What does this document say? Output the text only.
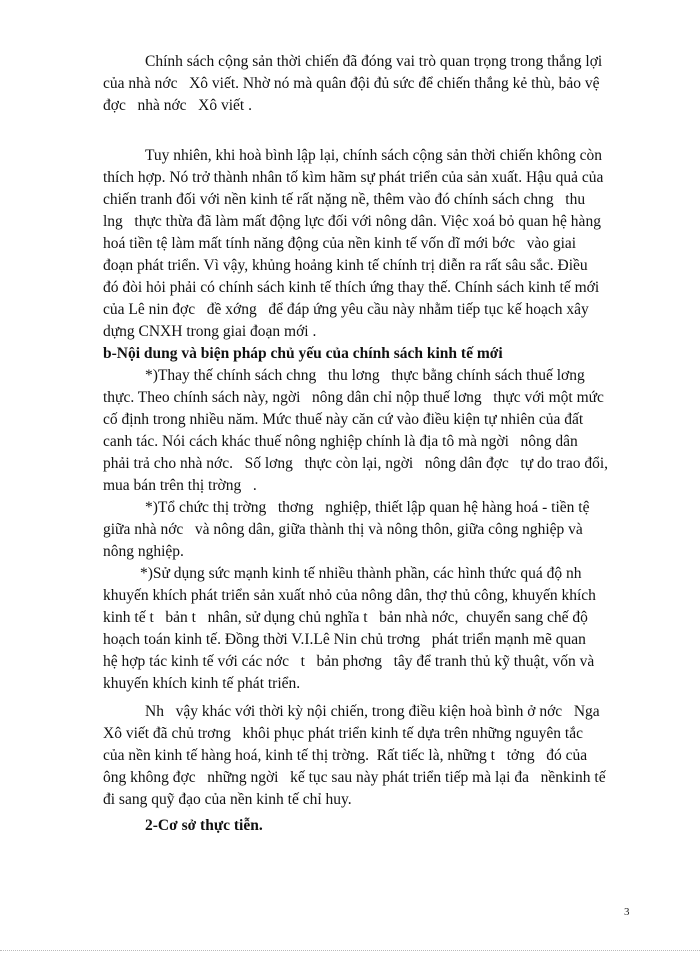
Chính sách cộng sản thời chiến đã đóng vai trò quan trọng trong thắng lợi

của nhà nớc   Xô viết. Nhờ nó mà quân đội đủ sức để chiến thắng kẻ thù, bảo vệ

đợc   nhà nớc   Xô viết .

Tuy nhiên, khi hoà bình lập lại, chính sách cộng sản thời chiến không còn

thích hợp. Nó trở thành nhân tố kìm hãm sự phát triển của sản xuất. Hậu quả của

chiến tranh đối với nền kinh tế rất nặng nề, thêm vào đó chính sách chng   thu

lng   thực thừa đã làm mất động lực đối với nông dân. Việc xoá bỏ quan hệ hàng

hoá tiền tệ làm mất tính năng động của nền kinh tế vốn dĩ mới bớc   vào giai

đoạn phát triển. Vì vậy, khủng hoảng kinh tế chính trị diễn ra rất sâu sắc. Điều

đó đòi hỏi phải có chính sách kinh tế thích ứng thay thế. Chính sách kinh tế mới

của Lê nin đợc   đề xớng   để đáp ứng yêu cầu này nhằm tiếp tục kế hoạch xây

dựng CNXH trong giai đoạn mới .

b-Nội dung và biện pháp chủ yếu của chính sách kinh tế mới

*)Thay thế chính sách chng   thu lơng   thực bằng chính sách thuế lơng

thực. Theo chính sách này, ngời   nông dân chỉ nộp thuế lơng   thực với một mức

cố định trong nhiều năm. Mức thuế này căn cứ vào điều kiện tự nhiên của đất

canh tác. Nói cách khác thuế nông nghiệp chính là địa tô mà ngời   nông dân

phải trả cho nhà nớc.   Số lơng   thực còn lại, ngời   nông dân đợc   tự do trao đổi,

mua bán trên thị trờng   .

*)Tổ chức thị trờng   thơng   nghiệp, thiết lập quan hệ hàng hoá - tiền tệ

giữa nhà nớc   và nông dân, giữa thành thị và nông thôn, giữa công nghiệp và

nông nghiệp.

*)Sử dụng sức mạnh kinh tế nhiều thành phần, các hình thức quá độ nh

khuyến khích phát triển sản xuất nhỏ của nông dân, thợ thủ công, khuyến khích

kinh tế t   bản t   nhân, sử dụng chủ nghĩa t   bản nhà nớc,  chuyển sang chế độ

hoạch toán kinh tế. Đồng thời V.I.Lê Nin chủ trơng   phát triển mạnh mẽ quan

hệ hợp tác kinh tế với các nớc   t   bản phơng   tây để tranh thủ kỹ thuật, vốn và

khuyến khích kinh tế phát triển.

Nh   vậy khác với thời kỳ nội chiến, trong điều kiện hoà bình ở nớc   Nga

Xô viết đã chủ trơng   khôi phục phát triển kinh tế dựa trên những nguyên tắc

của nền kinh tế hàng hoá, kinh tế thị trờng.  Rất tiếc là, những t   tởng   đó của

ông không đợc   những ngời   kế tục sau này phát triển tiếp mà lại đa   nềnkinh tế

đi sang quỹ đạo của nền kinh tế chỉ huy.

2-Cơ sở thực tiễn.

3
